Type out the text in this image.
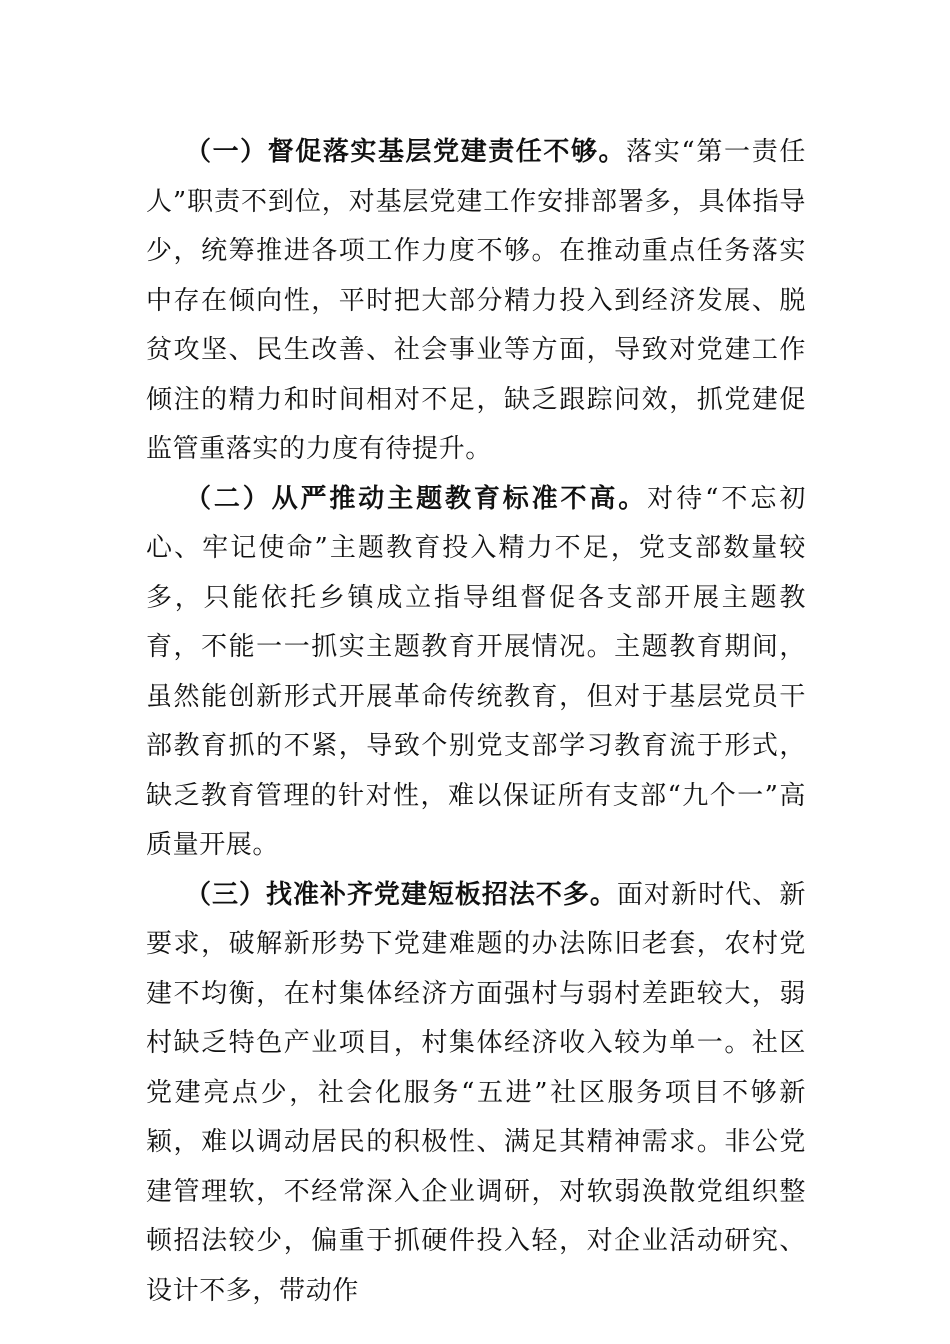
（一）督促落实基层党建责任不够。落实“第一责任人”职责不到位，对基层党建工作安排部署多，具体指导少，统筹推进各项工作力度不够。在推动重点任务落实中存在倾向性，平时把大部分精力投入到经济发展、脱贫攻坚、民生改善、社会事业等方面，导致对党建工作倾注的精力和时间相对不足，缺乏跟踪问效，抓党建促监管重落实的力度有待提升。

（二）从严推动主题教育标准不高。对待“不忘初心、牢记使命”主题教育投入精力不足，党支部数量较多，只能依托乡镇成立指导组督促各支部开展主题教育，不能一一抓实主题教育开展情况。主题教育期间，虽然能创新形式开展革命传统教育，但对于基层党员干部教育抓的不紧，导致个别党支部学习教育流于形式，缺乏教育管理的针对性，难以保证所有支部“九个一”高质量开展。

（三）找准补齐党建短板招法不多。面对新时代、新要求，破解新形势下党建难题的办法陈旧老套，农村党建不均衡，在村集体经济方面强村与弱村差距较大，弱村缺乏特色产业项目，村集体经济收入较为单一。社区党建亮点少，社会化服务“五进”社区服务项目不够新颖，难以调动居民的积极性、满足其精神需求。非公党建管理软，不经常深入企业调研，对软弱涣散党组织整顿招法较少，偏重于抓硬件投入轻，对企业活动研究、设计不多，带动作
